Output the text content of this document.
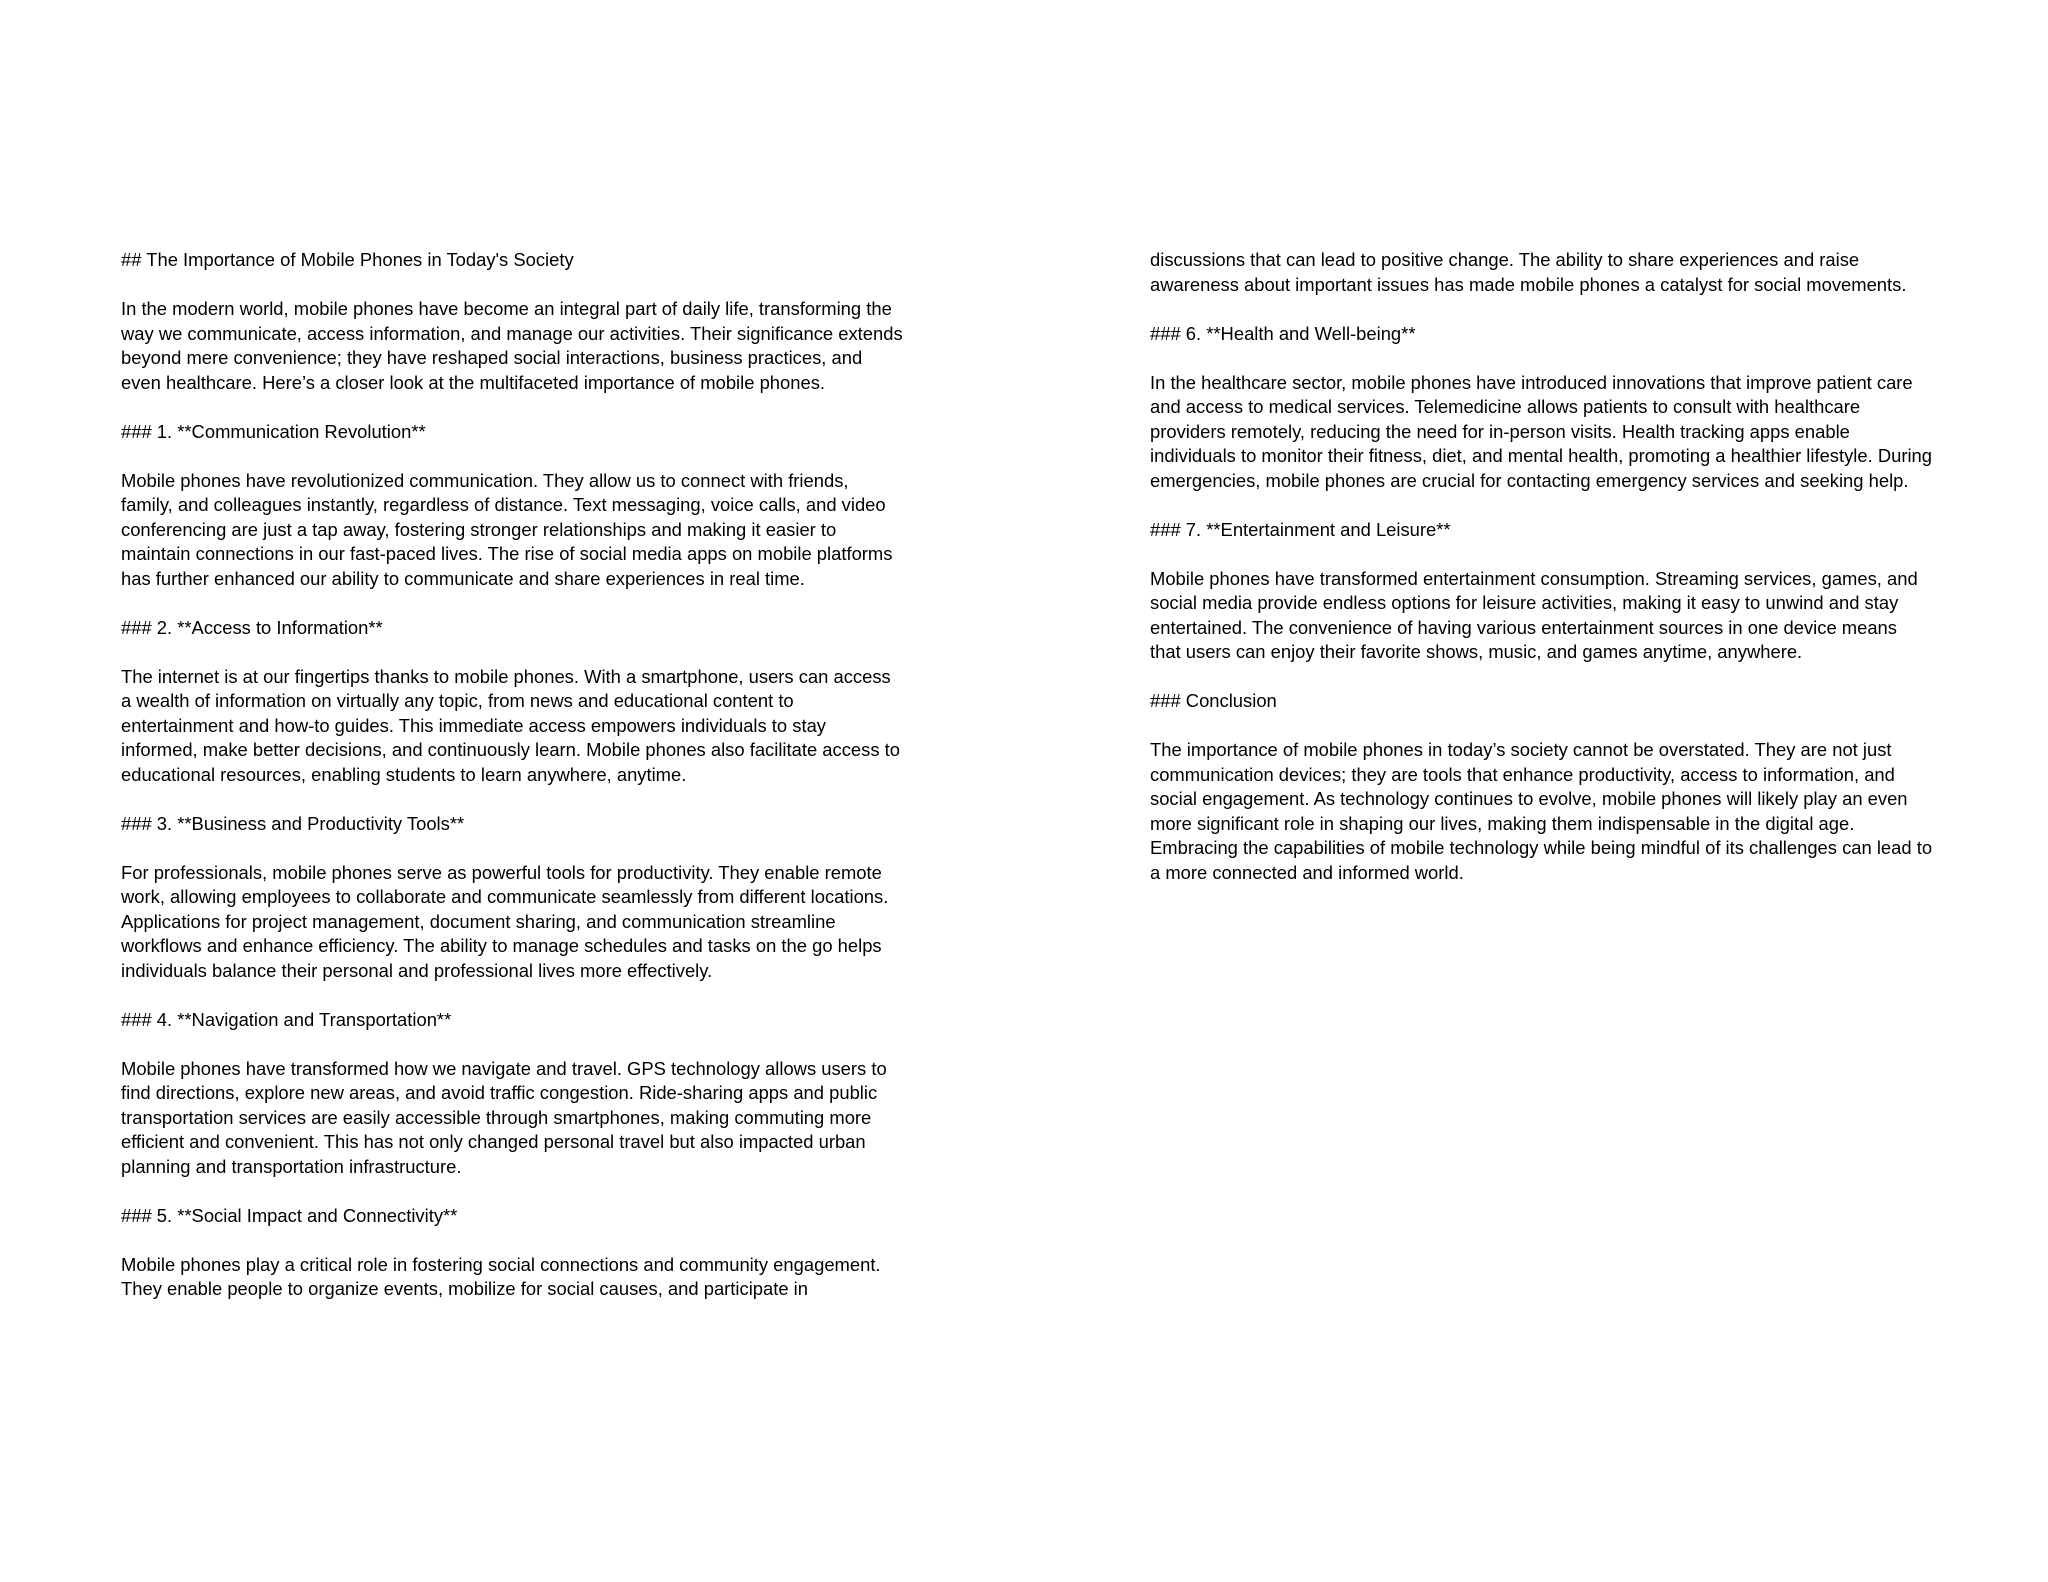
## The Importance of Mobile Phones in Today's Society
In the modern world, mobile phones have become an integral part of daily life, transforming the
way we communicate, access information, and manage our activities. Their significance extends
beyond mere convenience; they have reshaped social interactions, business practices, and
even healthcare. Here’s a closer look at the multifaceted importance of mobile phones.
### 1. **Communication Revolution**
Mobile phones have revolutionized communication. They allow us to connect with friends,
family, and colleagues instantly, regardless of distance. Text messaging, voice calls, and video
conferencing are just a tap away, fostering stronger relationships and making it easier to
maintain connections in our fast-paced lives. The rise of social media apps on mobile platforms
has further enhanced our ability to communicate and share experiences in real time.
### 2. **Access to Information**
The internet is at our fingertips thanks to mobile phones. With a smartphone, users can access
a wealth of information on virtually any topic, from news and educational content to
entertainment and how-to guides. This immediate access empowers individuals to stay
informed, make better decisions, and continuously learn. Mobile phones also facilitate access to
educational resources, enabling students to learn anywhere, anytime.
### 3. **Business and Productivity Tools**
For professionals, mobile phones serve as powerful tools for productivity. They enable remote
work, allowing employees to collaborate and communicate seamlessly from different locations.
Applications for project management, document sharing, and communication streamline
workflows and enhance efficiency. The ability to manage schedules and tasks on the go helps
individuals balance their personal and professional lives more effectively.
### 4. **Navigation and Transportation**
Mobile phones have transformed how we navigate and travel. GPS technology allows users to
find directions, explore new areas, and avoid traffic congestion. Ride-sharing apps and public
transportation services are easily accessible through smartphones, making commuting more
efficient and convenient. This has not only changed personal travel but also impacted urban
planning and transportation infrastructure.
### 5. **Social Impact and Connectivity**
Mobile phones play a critical role in fostering social connections and community engagement.
They enable people to organize events, mobilize for social causes, and participate in
discussions that can lead to positive change. The ability to share experiences and raise
awareness about important issues has made mobile phones a catalyst for social movements.
### 6. **Health and Well-being**
In the healthcare sector, mobile phones have introduced innovations that improve patient care
and access to medical services. Telemedicine allows patients to consult with healthcare
providers remotely, reducing the need for in-person visits. Health tracking apps enable
individuals to monitor their fitness, diet, and mental health, promoting a healthier lifestyle. During
emergencies, mobile phones are crucial for contacting emergency services and seeking help.
### 7. **Entertainment and Leisure**
Mobile phones have transformed entertainment consumption. Streaming services, games, and
social media provide endless options for leisure activities, making it easy to unwind and stay
entertained. The convenience of having various entertainment sources in one device means
that users can enjoy their favorite shows, music, and games anytime, anywhere.
### Conclusion
The importance of mobile phones in today’s society cannot be overstated. They are not just
communication devices; they are tools that enhance productivity, access to information, and
social engagement. As technology continues to evolve, mobile phones will likely play an even
more significant role in shaping our lives, making them indispensable in the digital age.
Embracing the capabilities of mobile technology while being mindful of its challenges can lead to
a more connected and informed world.
